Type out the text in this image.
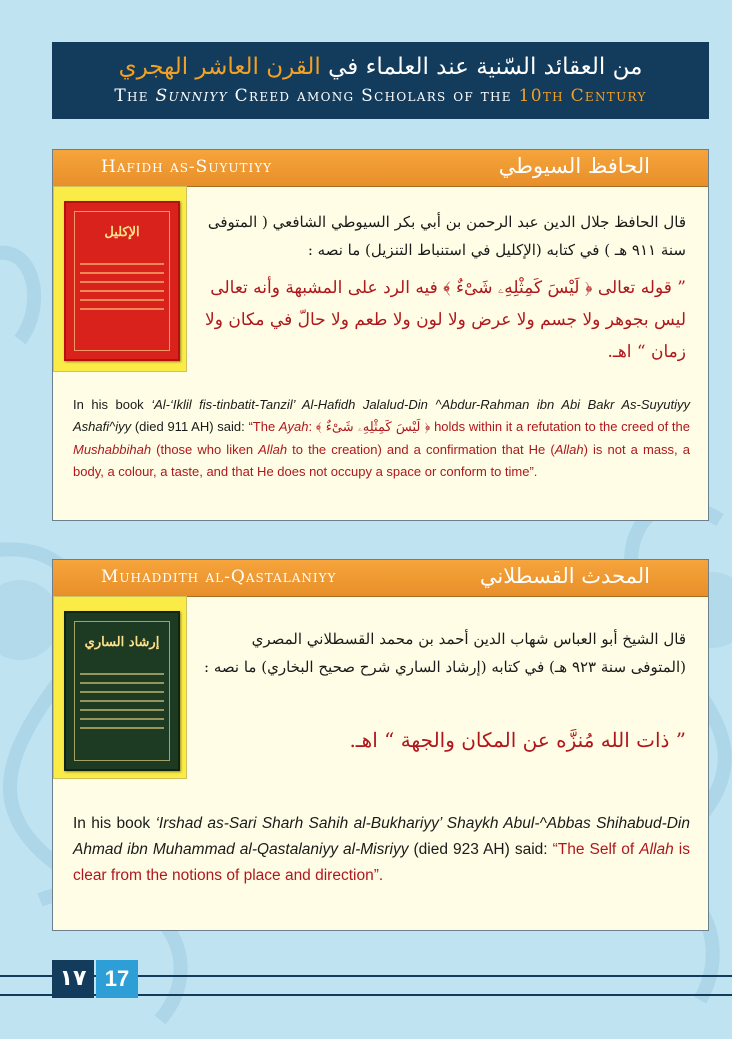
من العقائد السّنية عند العلماء في القرن العاشر الهجري
The Sunniyy Creed among Scholars of the 10th Century
Hafidh as-Suyutiyy	الحافظ السيوطي
الإكليل
قال الحافظ جلال الدين عبد الرحمن بن أبي بكر السيوطي الشافعي ( المتوفى سنة ٩١١ هـ ) في كتابه (الإكليل في استنباط التنزيل) ما نصه :
” قوله تعالى ﴿ لَيْسَ كَمِثْلِهِۦ شَىْءٌ ﴾ فيه الرد على المشبهة وأنه تعالى ليس بجوهر ولا جسم ولا عرض ولا لون ولا طعم ولا حالّ في مكان ولا زمان “ اهـ.
In his book ‘Al-‘Iklil fis-tinbatit-Tanzil’ Al-Hafidh Jalalud-Din ^Abdur-Rahman ibn Abi Bakr As-Suyutiyy Ashafi^iyy (died 911 AH) said: “The Ayah: ﴿ لَيْسَ كَمِثْلِهِۦ شَىْءٌ ﴾ holds within it a refutation to the creed of the Mushabbihah (those who liken Allah to the creation) and a confirmation that He (Allah) is not a mass, a body, a colour, a taste, and that He does not occupy a space or conform to time”.
Muhaddith al-Qastalaniyy	المحدث القسطلاني
إرشاد الساري	قال الشيخ أبو العباس شهاب الدين أحمد بن محمد القسطلاني المصري (المتوفى سنة ٩٢٣ هـ) في كتابه (إرشاد الساري شرح صحيح البخاري) ما نصه :
” ذات الله مُنزَّه عن المكان والجهة “ اهـ.
In his book ‘Irshad as-Sari Sharh Sahih al-Bukhariyy’ Shaykh Abul-^Abbas Shihabud-Din Ahmad ibn Muhammad al-Qastalaniyy al-Misriyy (died 923 AH) said: “The Self of Allah is clear from the notions of place and direction”.
١٧ 17
